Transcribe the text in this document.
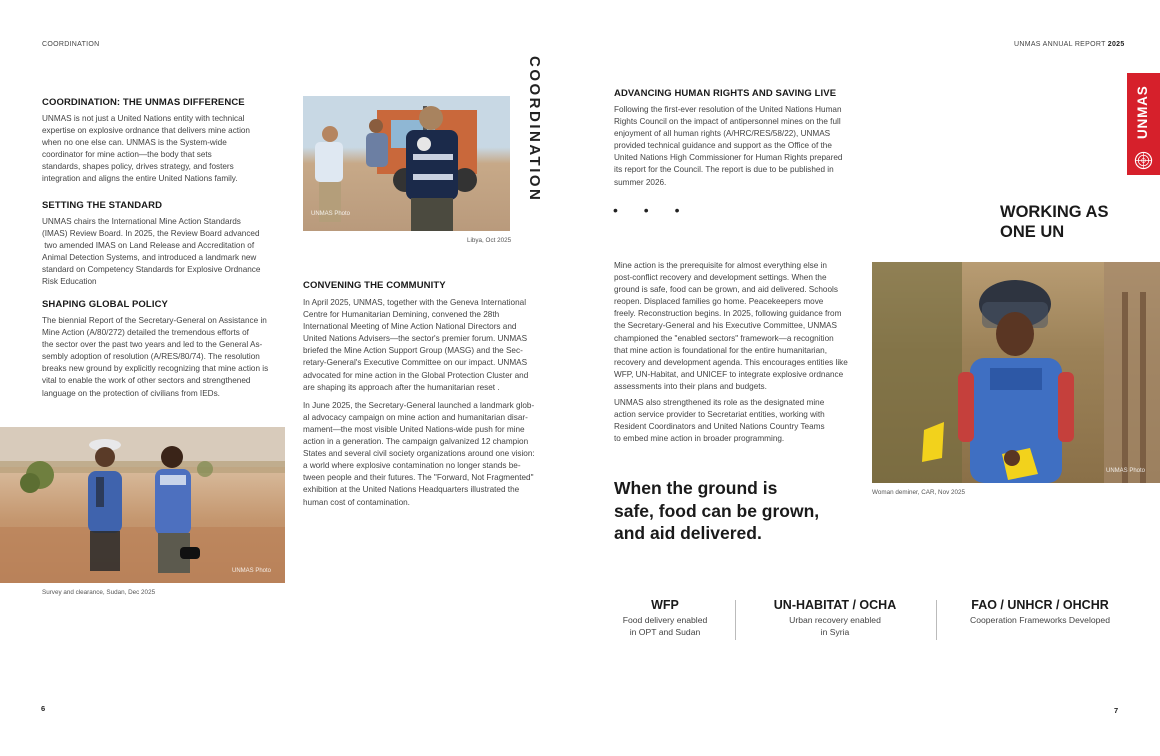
COORDINATION	UNMAS ANNUAL REPORT 2025
COORDINATION: THE UNMAS DIFFERENCE
UNMAS is not just a United Nations entity with technical
expertise on explosive ordnance that delivers mine action
when no one else can. UNMAS is the System-wide
coordinator for mine action—the body that sets
standards, shapes policy, drives strategy, and fosters
integration and aligns the entire United Nations family.
SETTING THE STANDARD
UNMAS chairs the International Mine Action Standards
(IMAS) Review Board. In 2025, the Review Board advanced
two amended IMAS on Land Release and Accreditation of
Animal Detection Systems, and introduced a landmark new
standard on Competency Standards for Explosive Ordnance
Risk Education
SHAPING GLOBAL POLICY
The biennial Report of the Secretary-General on Assistance in
Mine Action (A/80/272) detailed the tremendous efforts of
the sector over the past two years and led to the General As-
sembly adoption of resolution (A/RES/80/74). The resolution
breaks new ground by explicitly recognizing that mine action is
vital to enable the work of other sectors and strengthened
language on the protection of civilians from IEDs.
UNMAS Photo
Survey and clearance, Sudan, Dec 2025
UNMAS Photo
Libya, Oct 2025
COORDINATION
CONVENING THE COMMUNITY
In April 2025, UNMAS, together with the Geneva International
Centre for Humanitarian Demining, convened the 28th
International Meeting of Mine Action National Directors and
United Nations Advisers—the sector's premier forum. UNMAS
briefed the Mine Action Support Group (MASG) and the Sec-
retary-General's Executive Committee on our impact. UNMAS
advocated for mine action in the Global Protection Cluster and
are shaping its approach after the humanitarian reset .
In June 2025, the Secretary-General launched a landmark glob-
al advocacy campaign on mine action and humanitarian disar-
mament—the most visible United Nations-wide push for mine
action in a generation. The campaign galvanized 12 champion
States and several civil society organizations around one vision:
a world where explosive contamination no longer stands be-
tween people and their futures. The "Forward, Not Fragmented"
exhibition at the United Nations Headquarters illustrated the
human cost of contamination.
6	7
UNMAS
ADVANCING HUMAN RIGHTS AND SAVING LIVE
Following the first-ever resolution of the United Nations Human
Rights Council on the impact of antipersonnel mines on the full
enjoyment of all human rights (A/HRC/RES/58/22), UNMAS
provided technical guidance and support as the Office of the
United Nations High Commissioner for Human Rights prepared
its report for the Council. The report is due to be published in
summer 2026.
• • •	WORKING AS
ONE UN
Mine action is the prerequisite for almost everything else in
post-conflict recovery and development settings. When the
ground is safe, food can be grown, and aid delivered. Schools
reopen. Displaced families go home. Peacekeepers move
freely. Reconstruction begins. In 2025, following guidance from
the Secretary-General and his Executive Committee, UNMAS
championed the "enabled sectors" framework—a recognition
that mine action is foundational for the entire humanitarian,
recovery and development agenda. This encourages entities like
WFP, UN-Habitat, and UNICEF to integrate explosive ordnance
assessments into their plans and budgets.
UNMAS also strengthened its role as the designated mine
action service provider to Secretariat entities, working with
Resident Coordinators and United Nations Country Teams
to embed mine action in broader programming.
UNMAS Photo
Woman deminer, CAR, Nov 2025
When the ground is
safe, food can be grown,
and aid delivered.
WFP
Food delivery enabled
in OPT and Sudan
UN-HABITAT / OCHA
Urban recovery enabled
in Syria
FAO / UNHCR / OHCHR
Cooperation Frameworks Developed
